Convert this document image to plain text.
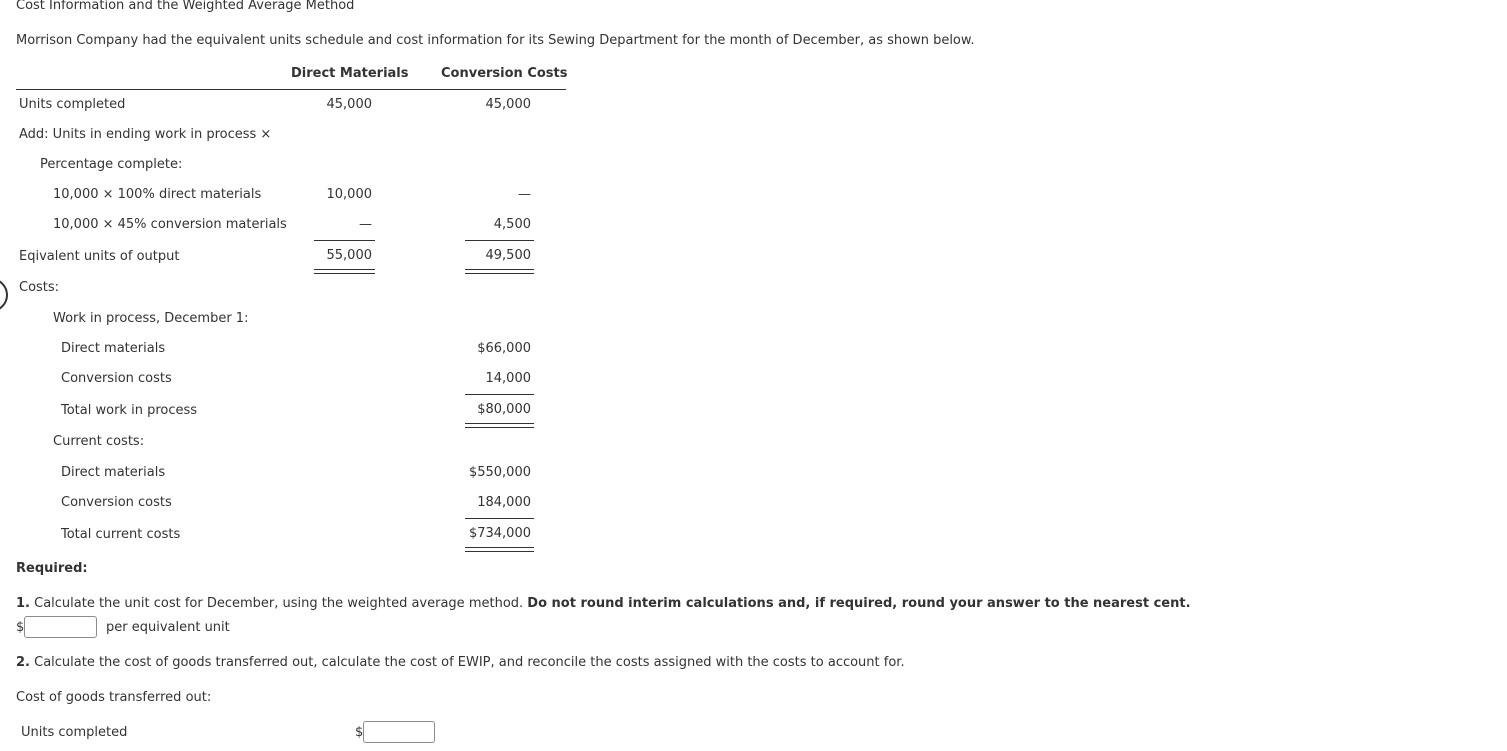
Cost Information and the Weighted Average Method
Morrison Company had the equivalent units schedule and cost information for its Sewing Department for the month of December, as shown below.
Direct Materials	Conversion Costs
Units completed	45,000	45,000
Add: Units in ending work in process ×
Percentage complete:
10,000 × 100% direct materials	10,000	—
10,000 × 45% conversion materials	—	4,500
Eqivalent units of output	55,000	49,500
Costs:
Work in process, December 1:
Direct materials	$66,000
Conversion costs	14,000
Total work in process	$80,000
Current costs:
Direct materials	$550,000
Conversion costs	184,000
Total current costs	$734,000
Required:
1. Calculate the unit cost for December, using the weighted average method. Do not round interim calculations and, if required, round your answer to the nearest cent.
$	per equivalent unit
2. Calculate the cost of goods transferred out, calculate the cost of EWIP, and reconcile the costs assigned with the costs to account for.
Cost of goods transferred out:
Units completed	$
